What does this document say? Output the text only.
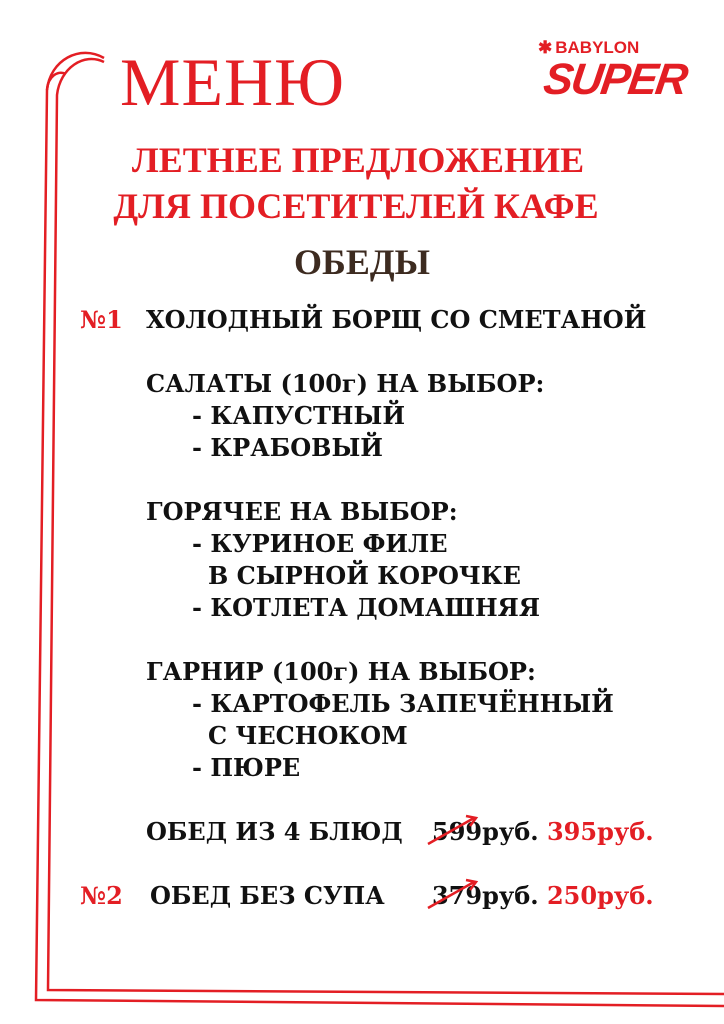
МЕНЮ	✱ BABYLON
SUPER
ЛЕТНЕЕ ПРЕДЛОЖЕНИЕ
ДЛЯ ПОСЕТИТЕЛЕЙ КАФЕ
ОБЕДЫ
№1 ХОЛОДНЫЙ БОРЩ СО СМЕТАНОЙ
САЛАТЫ (100г) НА ВЫБОР:
- КАПУСТНЫЙ
- КРАБОВЫЙ
ГОРЯЧЕЕ НА ВЫБОР:
- КУРИНОЕ ФИЛЕ
В СЫРНОЙ КОРОЧКЕ
- КОТЛЕТА ДОМАШНЯЯ
ГАРНИР (100г) НА ВЫБОР:
- КАРТОФЕЛЬ ЗАПЕЧЁННЫЙ
С ЧЕСНОКОМ
- ПЮРЕ
ОБЕД ИЗ 4 БЛЮД 599
руб. 395руб.
№2 ОБЕД БЕЗ СУПА 379
руб. 250руб.
